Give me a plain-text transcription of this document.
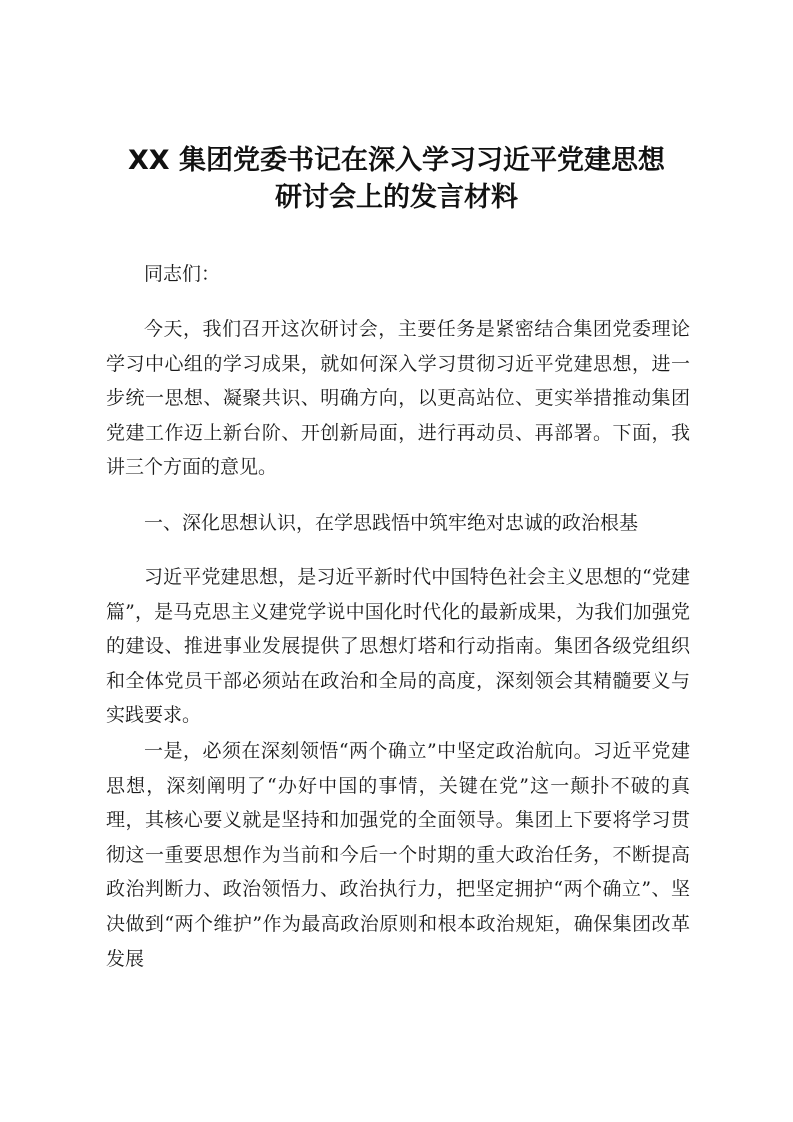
XX 集团党委书记在深入学习习近平党建思想
研讨会上的发言材料

同志们：

今天，我们召开这次研讨会，主要任务是紧密结合集团党委理论学习中心组的学习成果，就如何深入学习贯彻习近平党建思想，进一步统一思想、凝聚共识、明确方向，以更高站位、更实举措推动集团党建工作迈上新台阶、开创新局面，进行再动员、再部署。下面，我讲三个方面的意见。

一、深化思想认识，在学思践悟中筑牢绝对忠诚的政治根基

习近平党建思想，是习近平新时代中国特色社会主义思想的“党建篇”，是马克思主义建党学说中国化时代化的最新成果，为我们加强党的建设、推进事业发展提供了思想灯塔和行动指南。集团各级党组织和全体党员干部必须站在政治和全局的高度，深刻领会其精髓要义与实践要求。

一是，必须在深刻领悟“两个确立”中坚定政治航向。习近平党建思想，深刻阐明了“办好中国的事情，关键在党”这一颠扑不破的真理，其核心要义就是坚持和加强党的全面领导。集团上下要将学习贯彻这一重要思想作为当前和今后一个时期的重大政治任务，不断提高政治判断力、政治领悟力、政治执行力，把坚定拥护“两个确立”、坚决做到“两个维护”作为最高政治原则和根本政治规矩，确保集团改革发展
